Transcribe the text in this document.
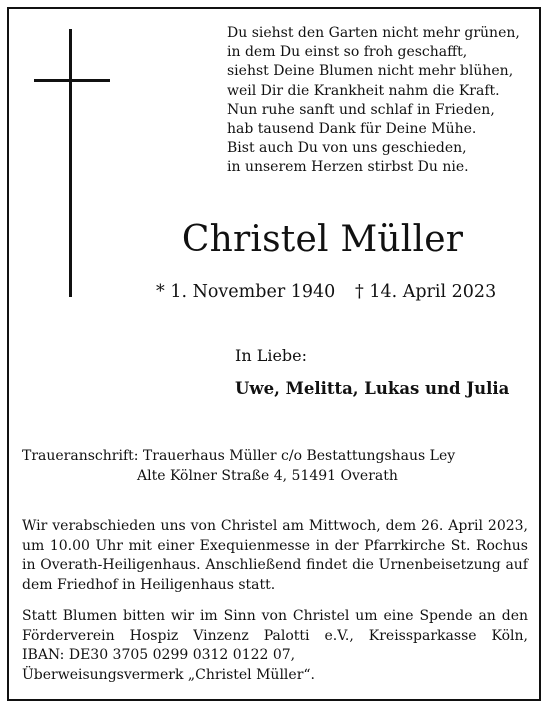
Du siehst den Garten nicht mehr grünen,
in dem Du einst so froh geschafft,
siehst Deine Blumen nicht mehr blühen,
weil Dir die Krankheit nahm die Kraft.
Nun ruhe sanft und schlaf in Frieden,
hab tausend Dank für Deine Mühe.
Bist auch Du von uns geschieden,
in unserem Herzen stirbst Du nie.
Christel Müller
* 1. November 1940 † 14. April 2023
In Liebe:
Uwe, Melitta, Lukas und Julia
Traueranschrift: Trauerhaus Müller c/o Bestattungshaus Ley
Alte Kölner Straße 4, 51491 Overath
Wir verabschieden uns von Christel am Mittwoch, dem 26. April 2023,
um 10.00 Uhr mit einer Exequienmesse in der Pfarrkirche St. Rochus
in Overath-Heiligenhaus. Anschließend findet die Urnenbeisetzung auf
dem Friedhof in Heiligenhaus statt.
Statt Blumen bitten wir im Sinn von Christel um eine Spende an den
Förderverein Hospiz Vinzenz Palotti e.V., Kreissparkasse Köln,
IBAN: DE30 3705 0299 0312 0122 07,
Überweisungsvermerk „Christel Müller“.
